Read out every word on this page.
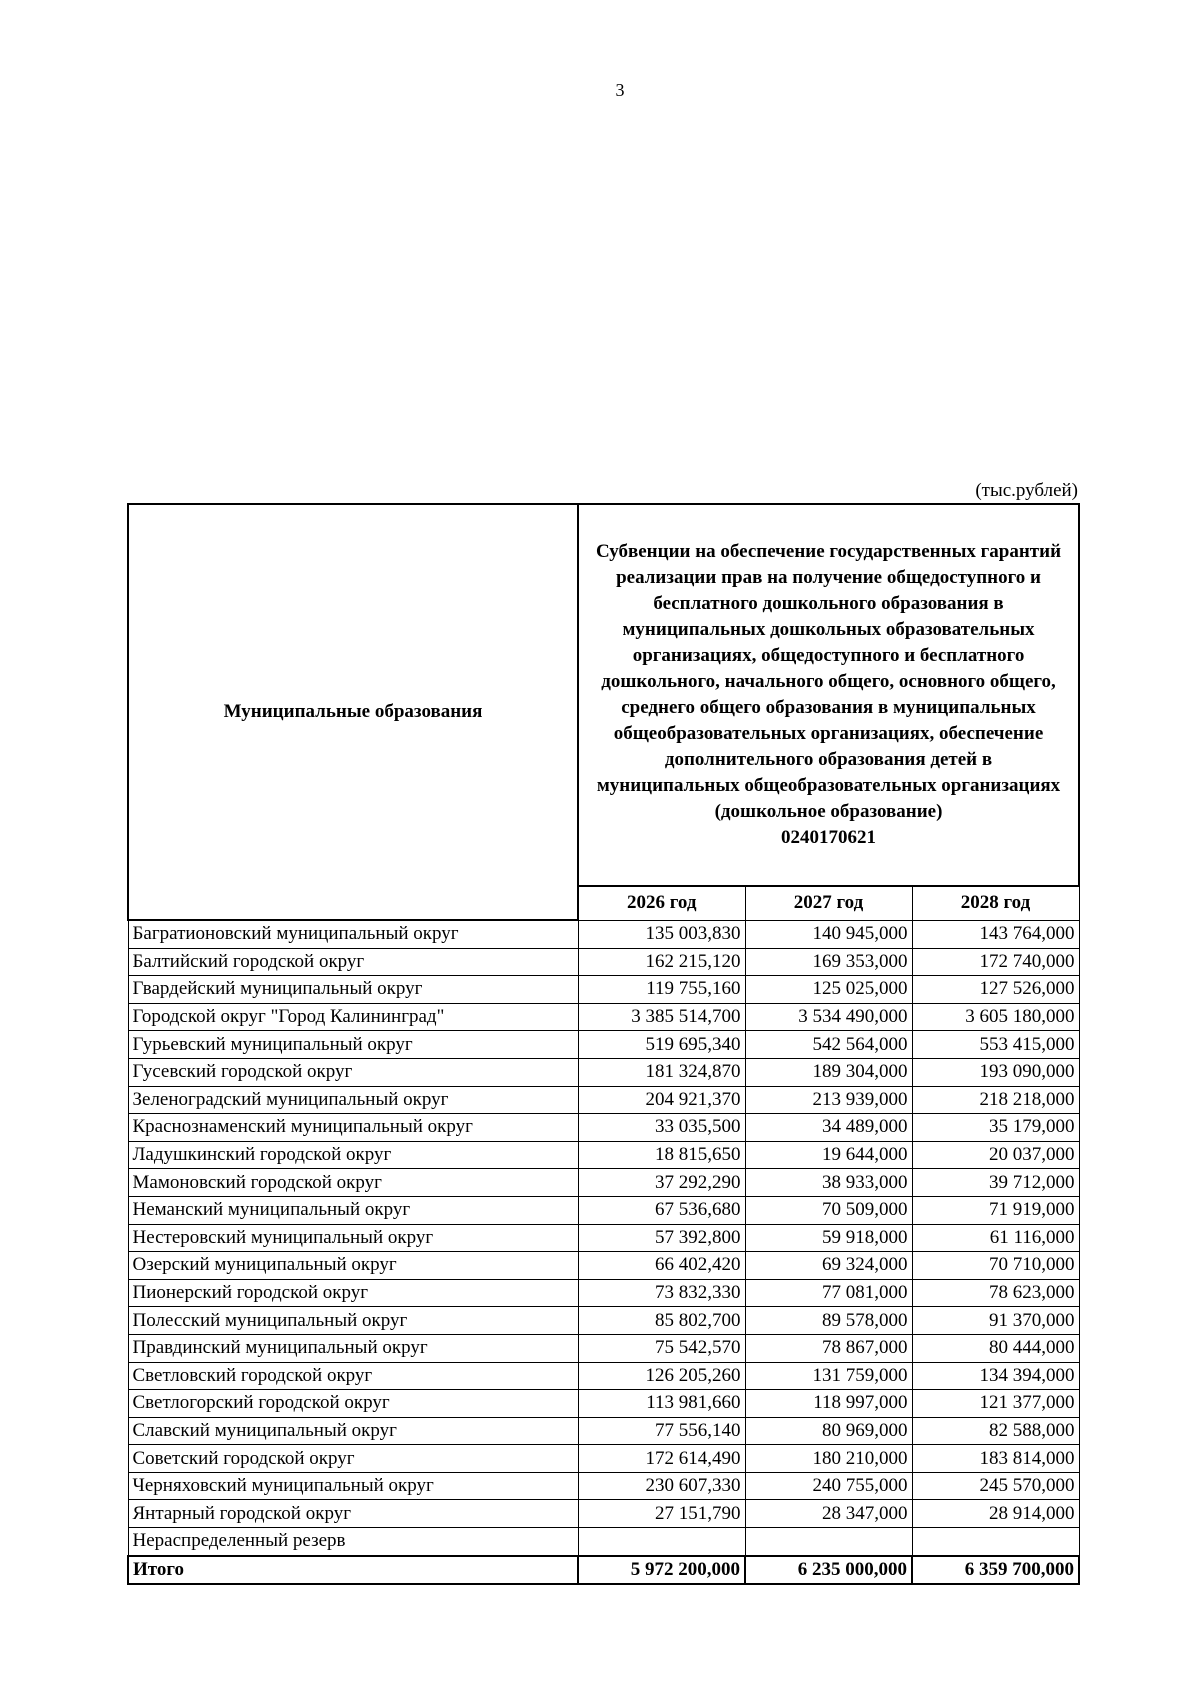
3
(тыс.рублей)
Муниципальные образования	Субвенции на обеспечение государственных гарантий реализации прав на получение общедоступного и бесплатного дошкольного образования в муниципальных дошкольных образовательных организациях, общедоступного и бесплатного дошкольного, начального общего, основного общего, среднего общего образования в муниципальных общеобразовательных организациях, обеспечение дополнительного образования детей в муниципальных общеобразовательных организациях (дошкольное образование)
0240170621		

	2026 год	2027 год	2028 год
Багратионовский муниципальный округ	135 003,830	140 945,000	143 764,000
Балтийский городской округ	162 215,120	169 353,000	172 740,000
Гвардейский муниципальный округ	119 755,160	125 025,000	127 526,000
Городской округ "Город Калининград"	3 385 514,700	3 534 490,000	3 605 180,000
Гурьевский муниципальный округ	519 695,340	542 564,000	553 415,000
Гусевский городской округ	181 324,870	189 304,000	193 090,000
Зеленоградский муниципальный округ	204 921,370	213 939,000	218 218,000
Краснознаменский муниципальный округ	33 035,500	34 489,000	35 179,000
Ладушкинский городской округ	18 815,650	19 644,000	20 037,000
Мамоновский городской округ	37 292,290	38 933,000	39 712,000
Неманский муниципальный округ	67 536,680	70 509,000	71 919,000
Нестеровский муниципальный округ	57 392,800	59 918,000	61 116,000
Озерский муниципальный округ	66 402,420	69 324,000	70 710,000
Пионерский городской округ	73 832,330	77 081,000	78 623,000
Полесский муниципальный округ	85 802,700	89 578,000	91 370,000
Правдинский муниципальный округ	75 542,570	78 867,000	80 444,000
Светловский городской округ	126 205,260	131 759,000	134 394,000
Светлогорский городской округ	113 981,660	118 997,000	121 377,000
Славский муниципальный округ	77 556,140	80 969,000	82 588,000
Советский городской округ	172 614,490	180 210,000	183 814,000
Черняховский муниципальный округ	230 607,330	240 755,000	245 570,000
Янтарный городской округ	27 151,790	28 347,000	28 914,000
Нераспределенный резерв			
Итого	5 972 200,000	6 235 000,000	6 359 700,000
